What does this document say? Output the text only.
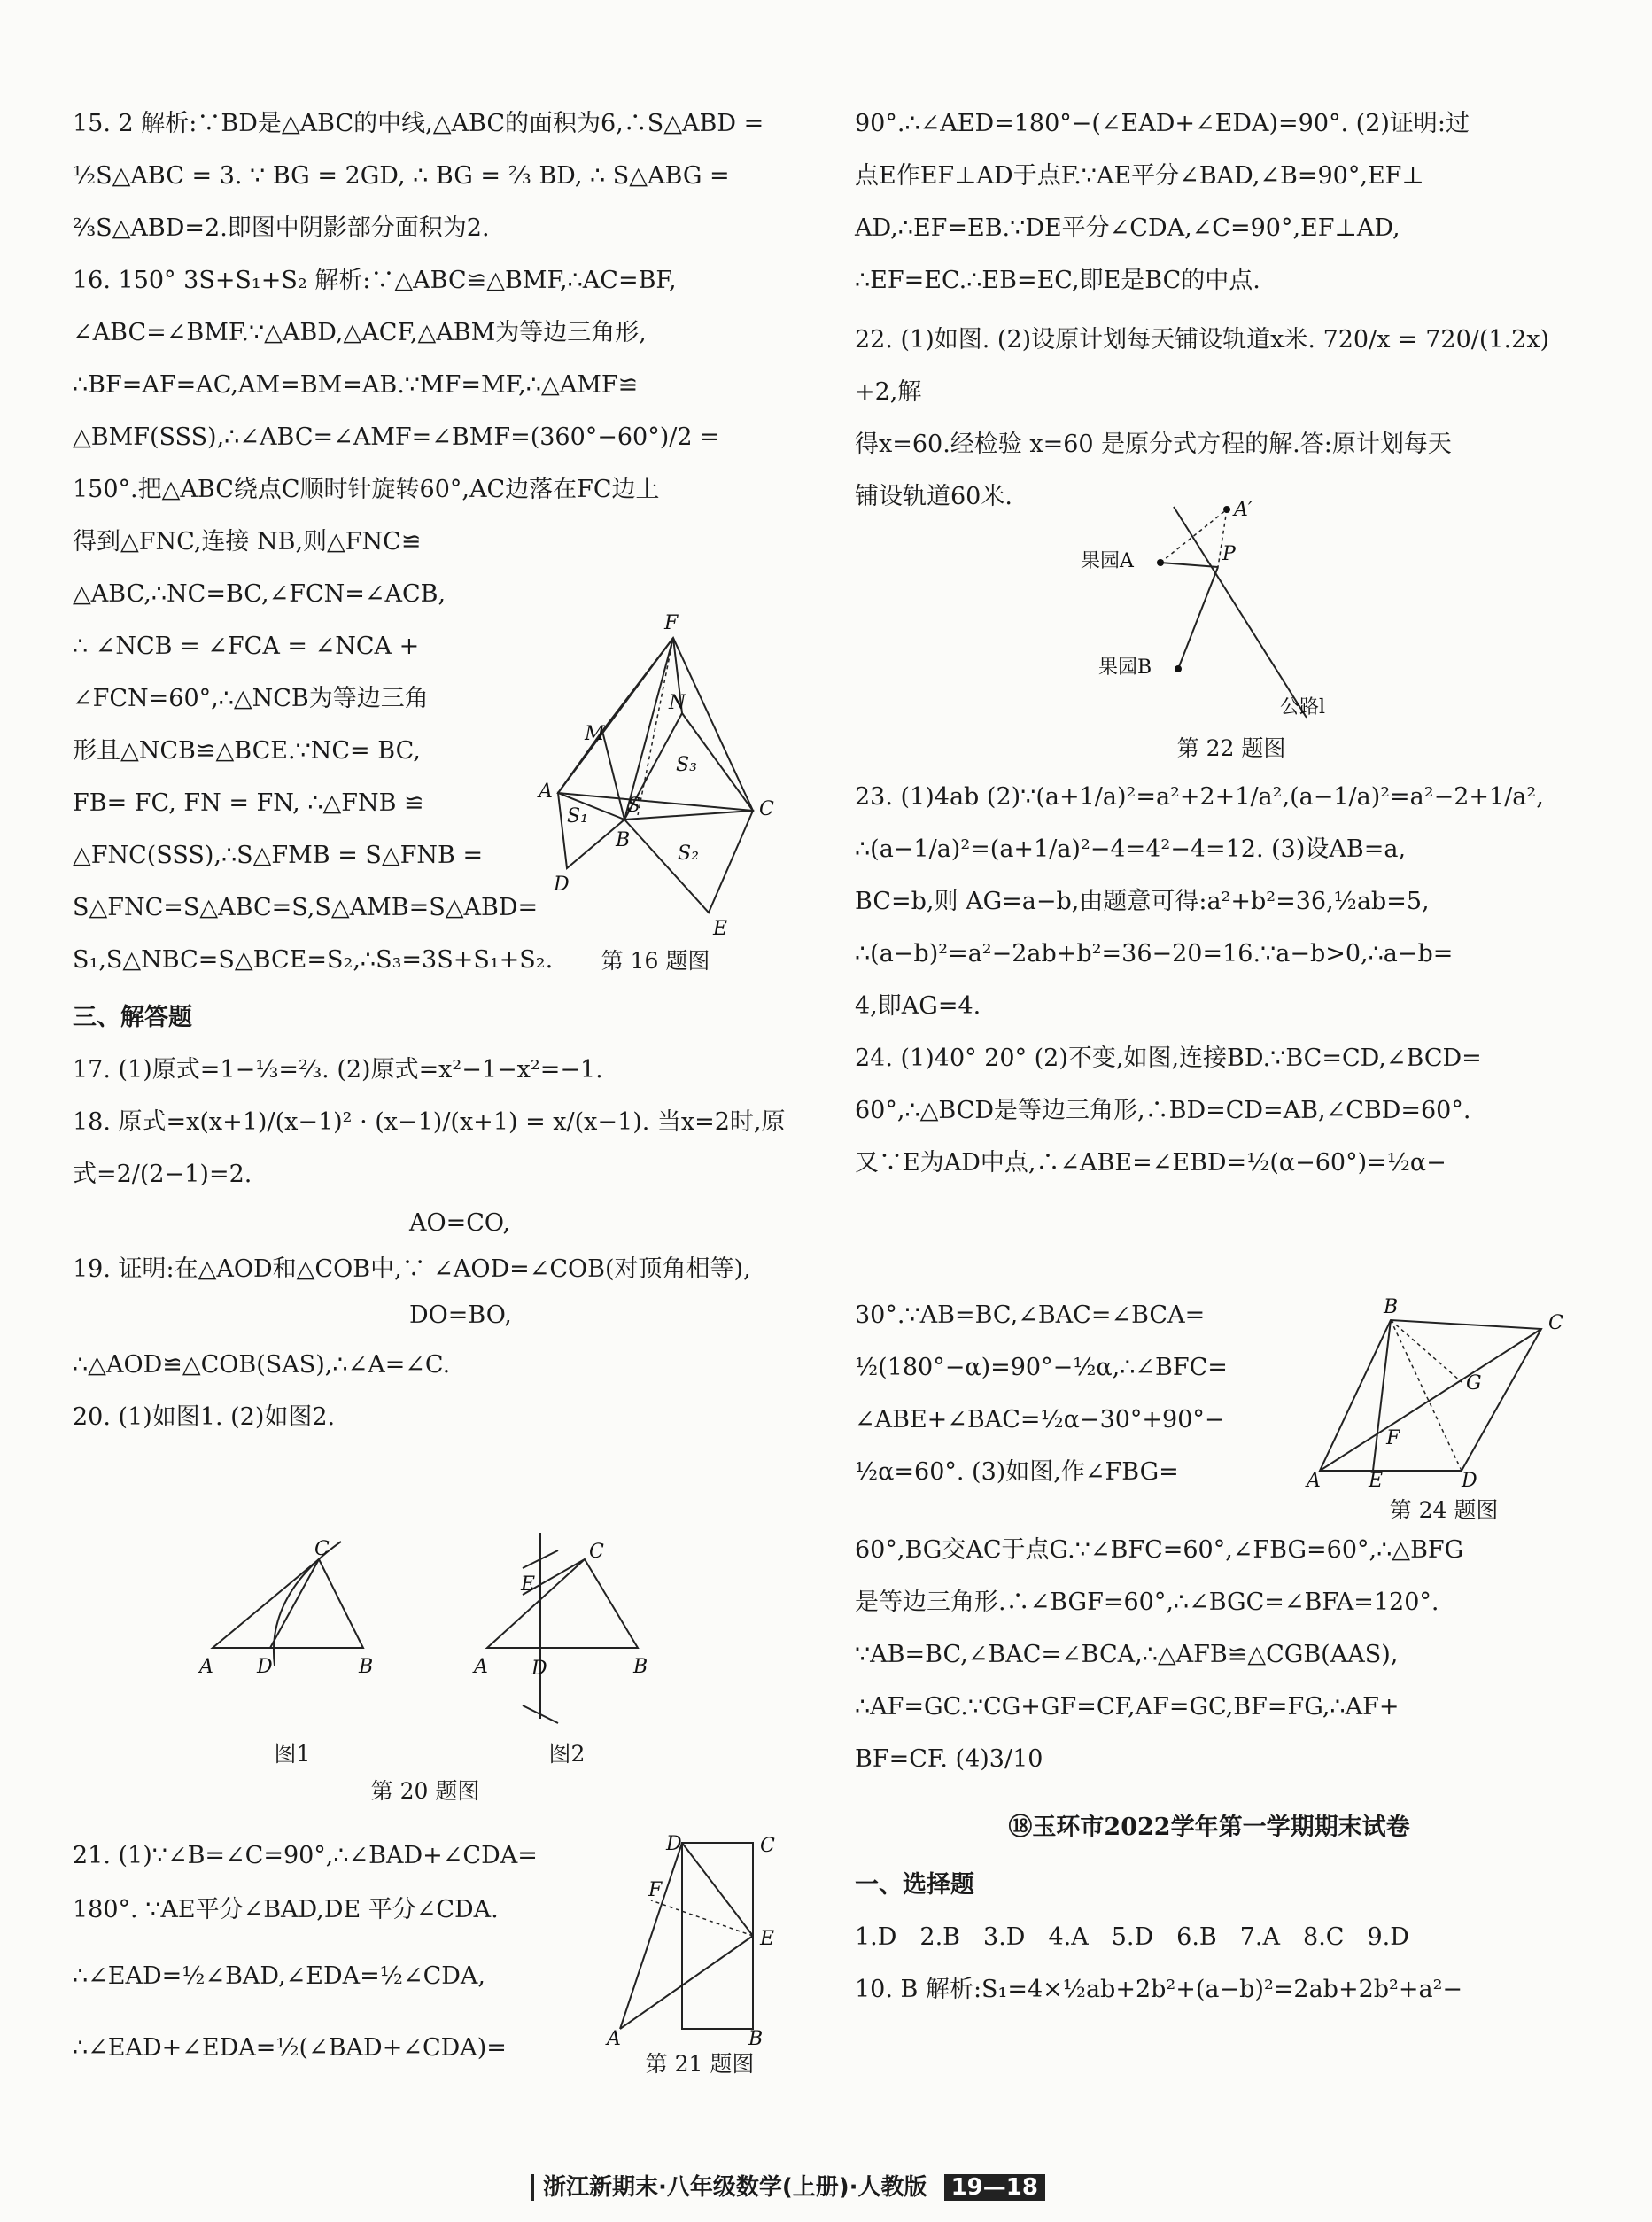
15. 2 解析:∵BD是△ABC的中线,△ABC的面积为6,∴S△ABD =

½S△ABC = 3. ∵ BG = 2GD, ∴ BG = ⅔ BD, ∴ S△ABG =

⅔S△ABD=2.即图中阴影部分面积为2.

16. 150° 3S+S₁+S₂ 解析:∵△ABC≌△BMF,∴AC=BF,

∠ABC=∠BMF.∵△ABD,△ACF,△ABM为等边三角形,

∴BF=AF=AC,AM=BM=AB.∵MF=MF,∴△AMF≌

△BMF(SSS),∴∠ABC=∠AMF=∠BMF=(360°−60°)/2 =

150°.把△ABC绕点C顺时针旋转60°,AC边落在FC边上

得到△FNC,连接 NB,则△FNC≌

△ABC,∴NC=BC,∠FCN=∠ACB,

∴ ∠NCB = ∠FCA = ∠NCA +

∠FCN=60°,∴△NCB为等边三角

形且△NCB≌△BCE.∵NC= BC,

FB= FC, FN = FN, ∴△FNB ≌

△FNC(SSS),∴S△FMB = S△FNB =

S△FNC=S△ABC=S,S△AMB=S△ABD=

S₁,S△NBC=S△BCE=S₂,∴S₃=3S+S₁+S₂.

三、解答题

17. (1)原式=1−⅓=⅔. (2)原式=x²−1−x²=−1.

18. 原式=x(x+1)/(x−1)² · (x−1)/(x+1) = x/(x−1). 当x=2时,原式=2/(2−1)=2.

AO=CO,

19. 证明:在△AOD和△COB中,∵ ∠AOD=∠COB(对顶角相等),

DO=BO,

∴△AOD≌△COB(SAS),∴∠A=∠C.

20. (1)如图1. (2)如图2.

21. (1)∵∠B=∠C=90°,∴∠BAD+∠CDA=

180°. ∵AE平分∠BAD,DE 平分∠CDA.

∴∠EAD=½∠BAD,∠EDA=½∠CDA,

∴∠EAD+∠EDA=½(∠BAD+∠CDA)=

F
A
C
B
D
E
M
N
S
S₁
S₃
S₂
第 16 题图
A D	B
C
A D	B
C
E
图1	图2
第 20 题图
D	C
E
F
A	B
第 21 题图

90°.∴∠AED=180°−(∠EAD+∠EDA)=90°. (2)证明:过

点E作EF⊥AD于点F.∵AE平分∠BAD,∠B=90°,EF⊥

AD,∴EF=EB.∵DE平分∠CDA,∠C=90°,EF⊥AD,

∴EF=EC.∴EB=EC,即E是BC的中点.

22. (1)如图. (2)设原计划每天铺设轨道x米. 720/x = 720/(1.2x) +2,解

得x=60.经检验 x=60 是原分式方程的解.答:原计划每天

铺设轨道60米.	A′
P
果园A
果园B
公路l
第 22 题图

23. (1)4ab (2)∵(a+1/a)²=a²+2+1/a²,(a−1/a)²=a²−2+1/a²,

∴(a−1/a)²=(a+1/a)²−4=4²−4=12. (3)设AB=a,

BC=b,则 AG=a−b,由题意可得:a²+b²=36,½ab=5,

∴(a−b)²=a²−2ab+b²=36−20=16.∵a−b>0,∴a−b=

4,即AG=4.

24. (1)40° 20° (2)不变,如图,连接BD.∵BC=CD,∠BCD=

60°,∴△BCD是等边三角形,∴BD=CD=AB,∠CBD=60°.

又∵E为AD中点,∴∠ABE=∠EBD=½(α−60°)=½α−

30°.∵AB=BC,∠BAC=∠BCA=

½(180°−α)=90°−½α,∴∠BFC=

∠ABE+∠BAC=½α−30°+90°−

½α=60°. (3)如图,作∠FBG=

B
C
G
F
A E	D
第 24 题图

60°,BG交AC于点G.∵∠BFC=60°,∠FBG=60°,∴△BFG

是等边三角形.∴∠BGF=60°,∴∠BGC=∠BFA=120°.

∵AB=BC,∠BAC=∠BCA,∴△AFB≌△CGB(AAS),

∴AF=GC.∵CG+GF=CF,AF=GC,BF=FG,∴AF+

BF=CF. (4)3/10

⑱玉环市2022学年第一学期期末试卷

一、选择题

1.D 2.B 3.D 4.A 5.D 6.B 7.A 8.C 9.D

10. B 解析:S₁=4×½ab+2b²+(a−b)²=2ab+2b²+a²−

浙江新期末·八年级数学(上册)·人教版 19—18
